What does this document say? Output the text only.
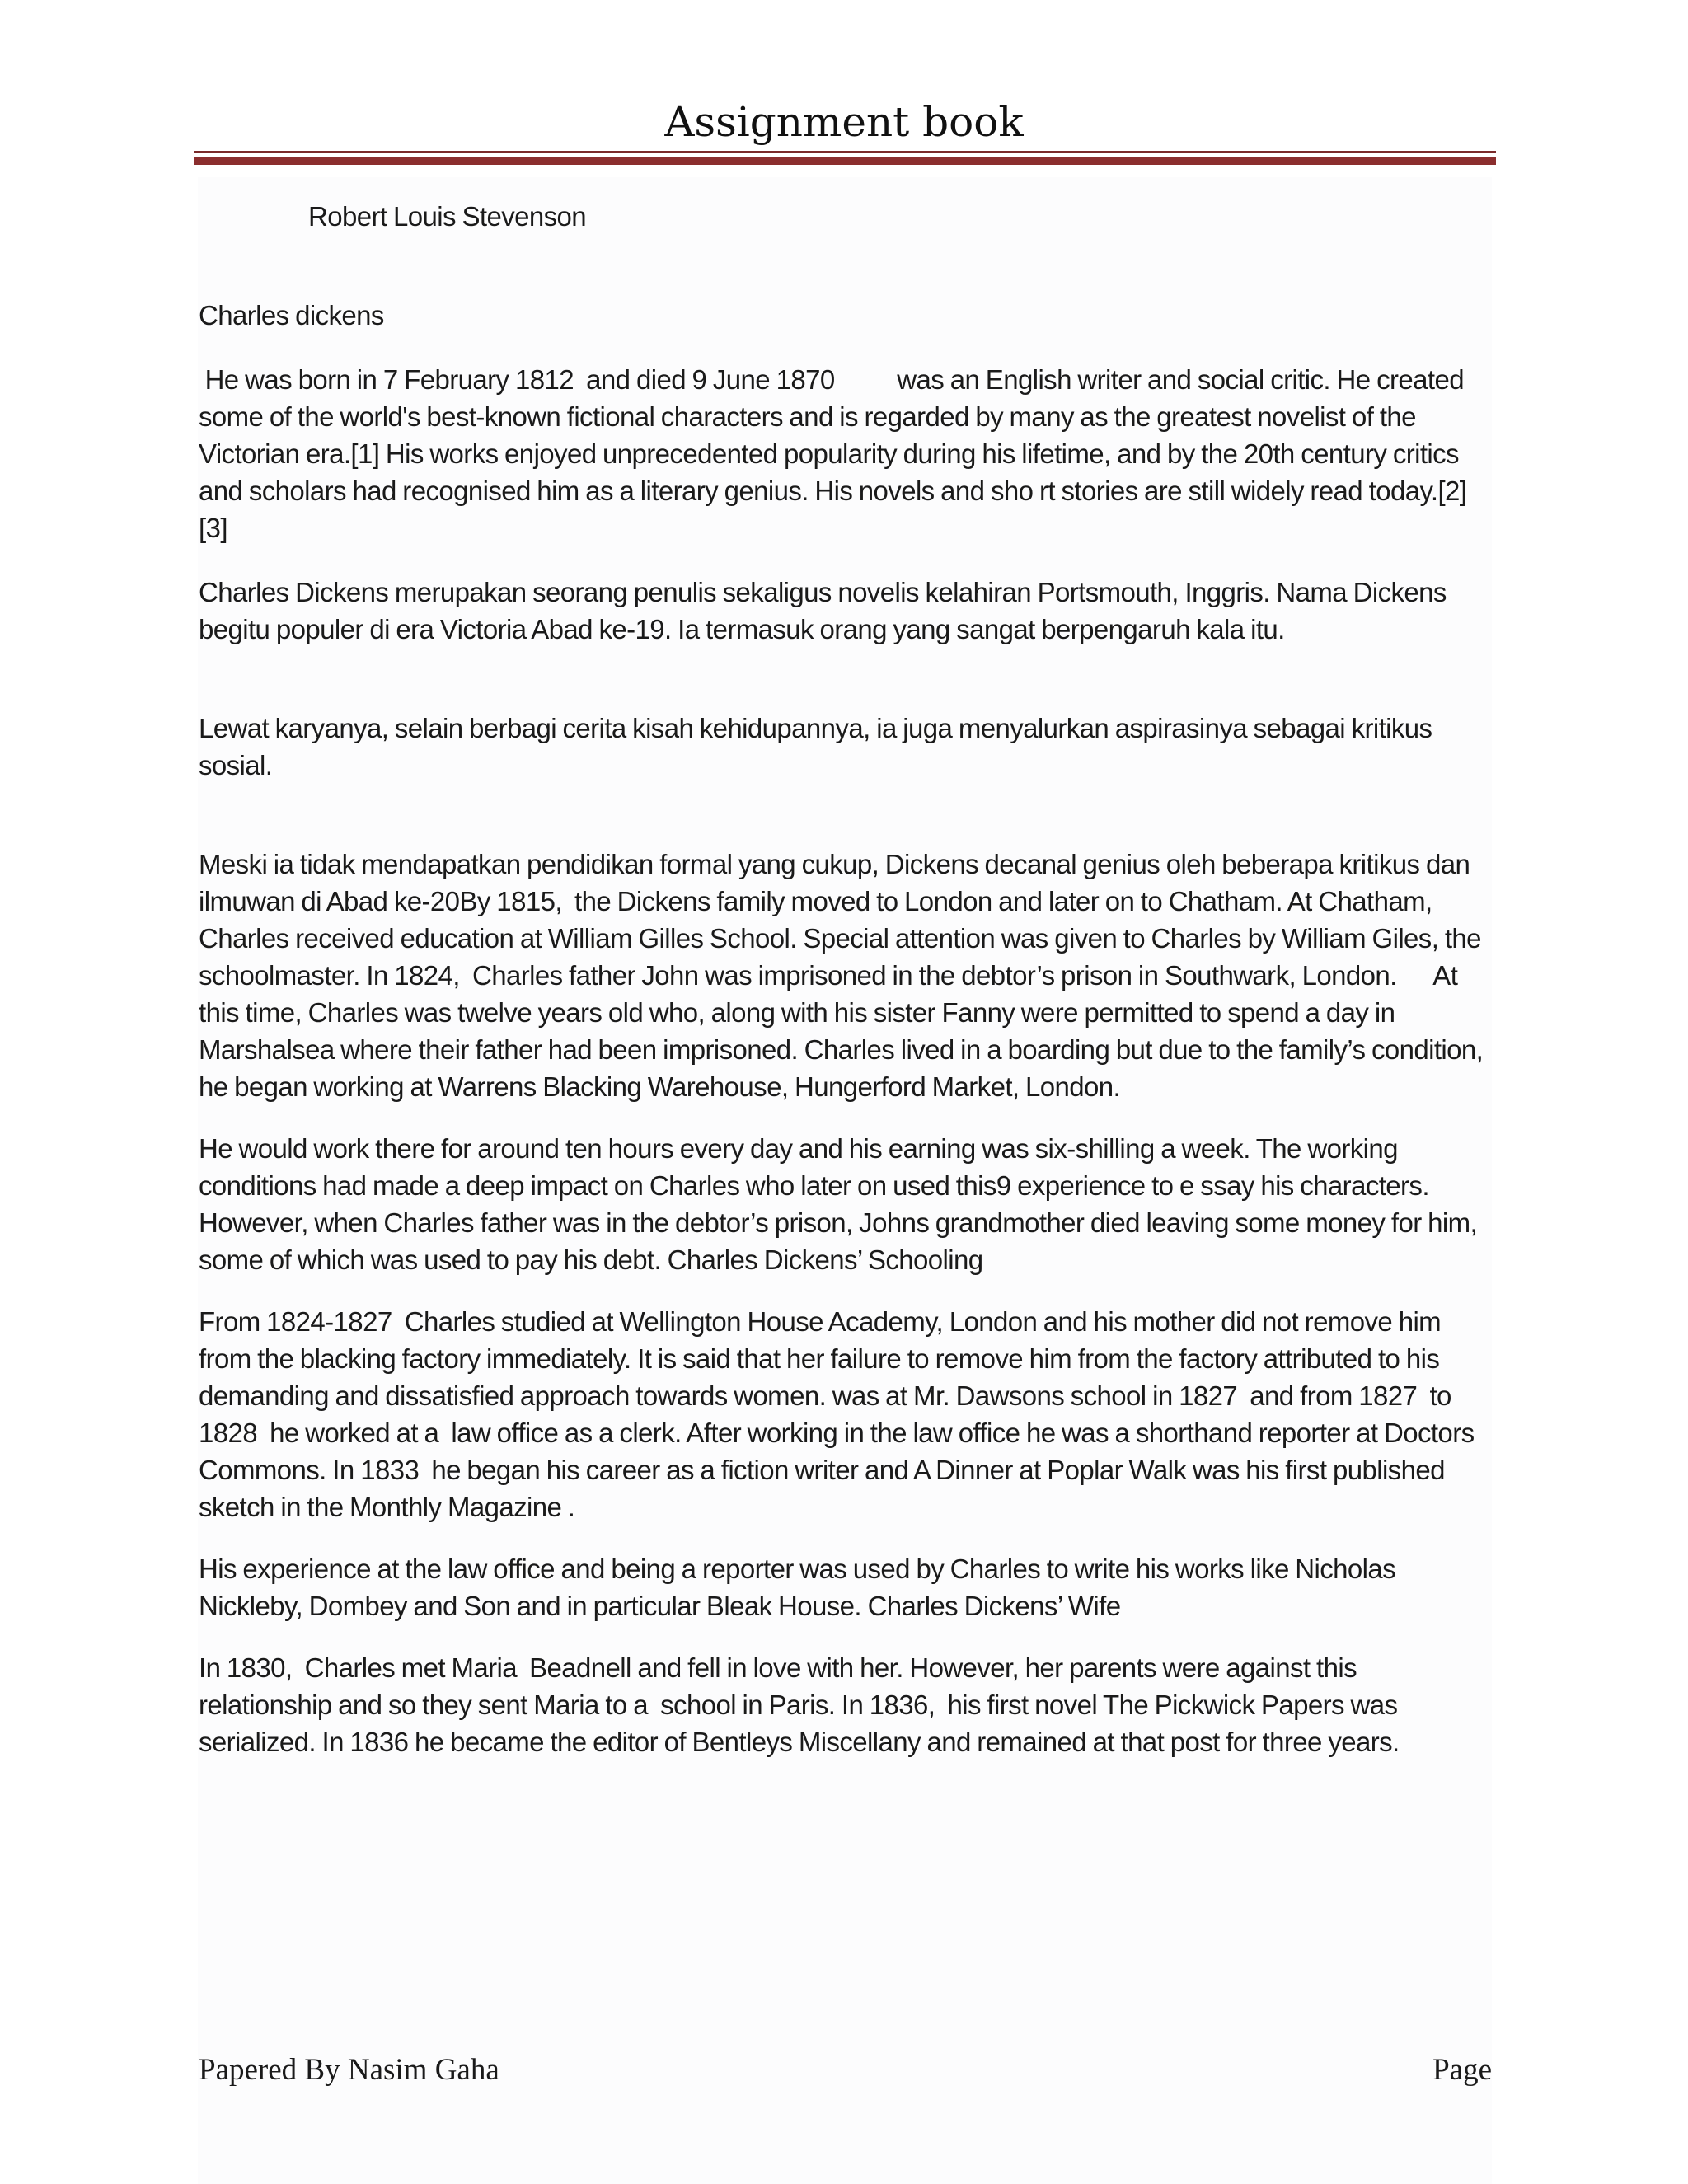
Assignment book

Robert Louis Stevenson

Charles dickens

He was born in 7 February 1812  and died 9 June 1870          was an English writer and social critic. He created some of the world's best-known fictional characters and is regarded by many as the greatest novelist of the Victorian era.[1] His works enjoyed unprecedented popularity during his lifetime, and by the 20th century critics and scholars had recognised him as a literary genius. His novels and sho rt stories are still widely read today.[2][3]

Charles Dickens merupakan seorang penulis sekaligus novelis kelahiran Portsmouth, Inggris. Nama Dickens begitu populer di era Victoria Abad ke-19. Ia termasuk orang yang sangat berpengaruh kala itu.

Lewat karyanya, selain berbagi cerita kisah kehidupannya, ia juga menyalurkan aspirasinya sebagai kritikus sosial.

Meski ia tidak mendapatkan pendidikan formal yang cukup, Dickens decanal genius oleh beberapa kritikus dan ilmuwan di Abad ke-20By 1815,  the Dickens family moved to London and later on to Chatham. At Chatham, Charles received education at William Gilles School. Special attention was given to Charles by William Giles, the schoolmaster. In 1824,  Charles father John was imprisoned in the debtor’s prison in Southwark, London.      At this time, Charles was twelve years old who, along with his sister Fanny were permitted to spend a day in Marshalsea where their father had been imprisoned. Charles lived in a boarding but due to the family’s condition, he began working at Warrens Blacking Warehouse, Hungerford Market, London.

He would work there for around ten hours every day and his earning was six-shilling a week. The working conditions had made a deep impact on Charles who later on used this9 experience to e ssay his characters. However, when Charles father was in the debtor’s prison, Johns grandmother died leaving some money for him, some of which was used to pay his debt. Charles Dickens’ Schooling

From 1824-1827  Charles studied at Wellington House Academy, London and his mother did not remove him from the blacking factory immediately. It is said that her failure to remove him from the factory attributed to his demanding and dissatisfied approach towards women. was at Mr. Dawsons school in 1827  and from 1827  to 1828  he worked at a  law office as a clerk. After working in the law office he was a shorthand reporter at Doctors Commons. In 1833  he began his career as a fiction writer and A Dinner at Poplar Walk was his first published sketch in the Monthly Magazine .

His experience at the law office and being a reporter was used by Charles to write his works like Nicholas Nickleby, Dombey and Son and in particular Bleak House. Charles Dickens’ Wife

In 1830,  Charles met Maria  Beadnell and fell in love with her. However, her parents were against this relationship and so they sent Maria to a  school in Paris. In 1836,  his first novel The Pickwick Papers was serialized. In 1836 he became the editor of Bentleys Miscellany and remained at that post for three years.

Papered By Nasim Gaha	Page
